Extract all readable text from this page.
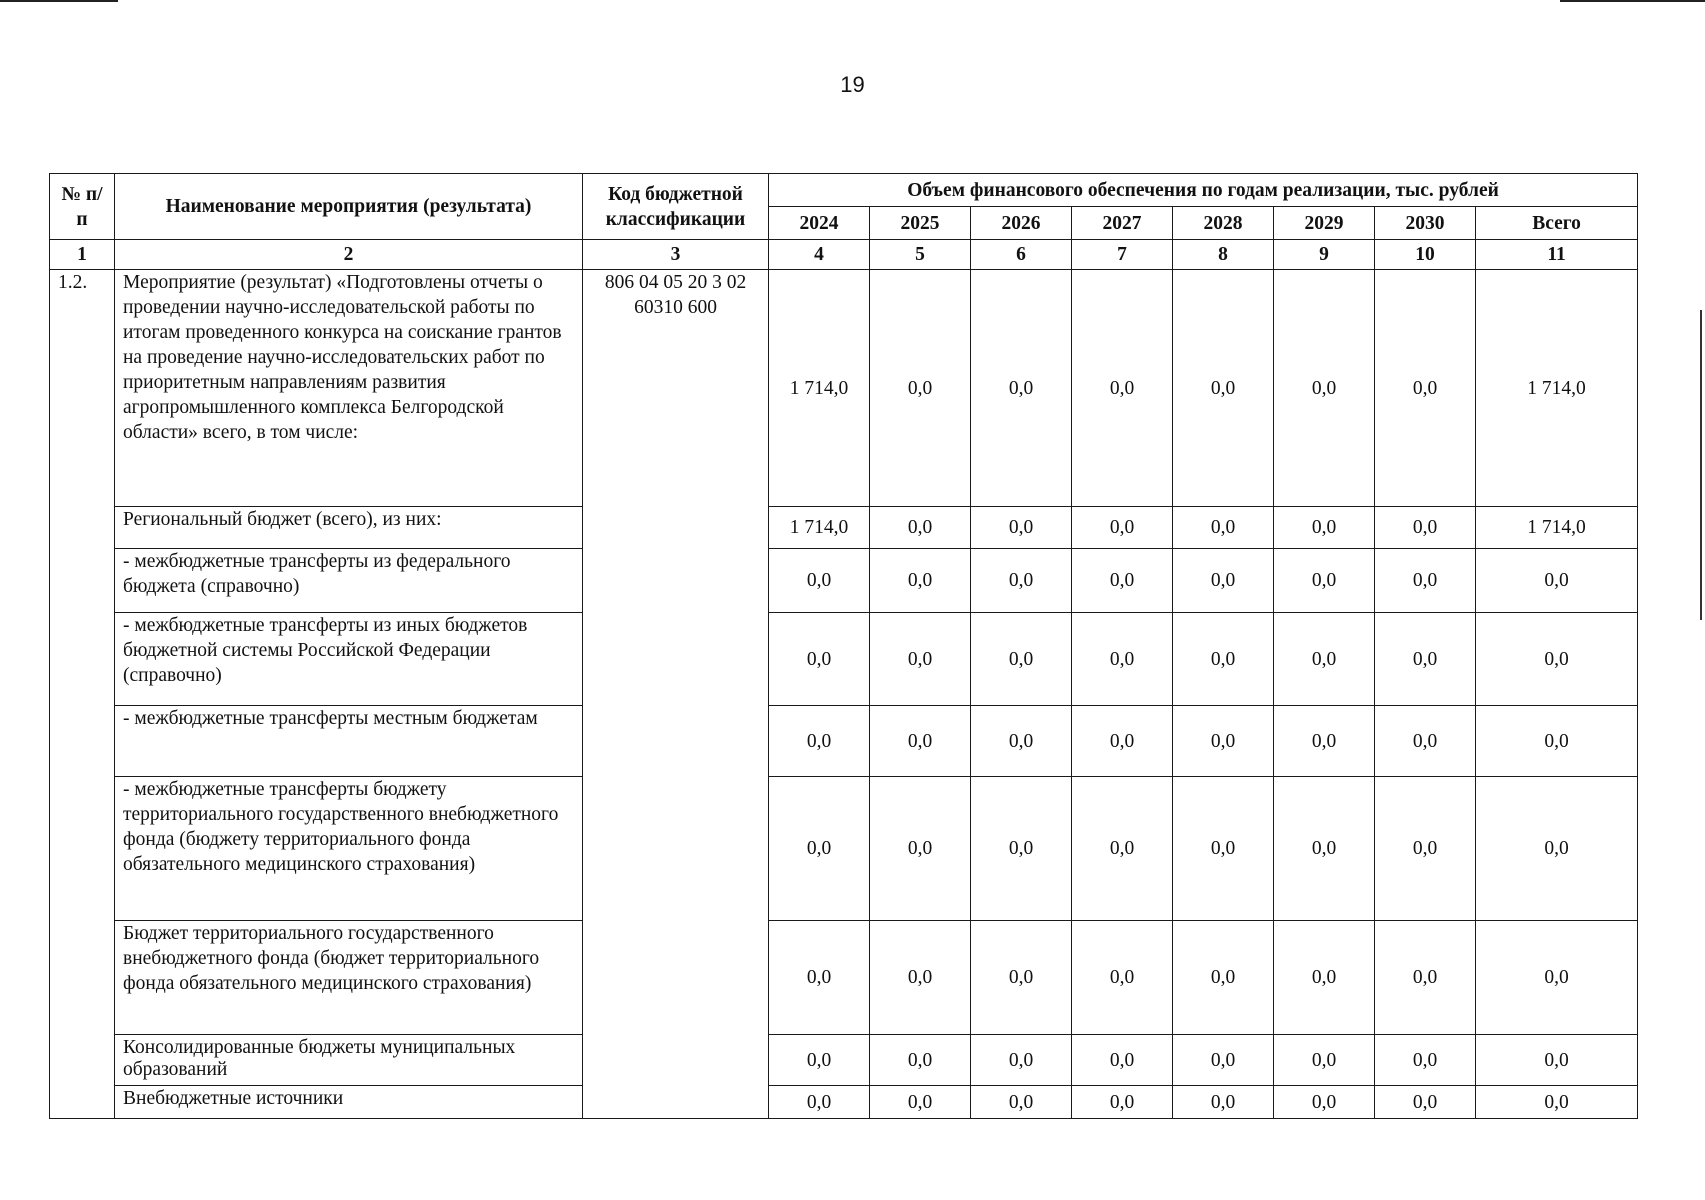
19
№ п/п	Наименование мероприятия (результата)	Код бюджетной классификации	Объем финансового обеспечения по годам реализации, тыс. рублей							
			2024	2025	2026	2027	2028	2029	2030	Всего
1	2	3	4	5	6	7	8	9	10	11
1.2.	Мероприятие (результат) «Подготовлены отчеты о проведении научно-исследовательской работы по итогам проведенного конкурса на соискание грантов на проведение научно-исследовательских работ по приоритетным направлениям развития агропромышленного комплекса Белгородской области» всего, в том числе:	806 04 05 20 3 02 60310 600	1 714,0	0,0	0,0	0,0	0,0	0,0	0,0	1 714,0
	Региональный бюджет (всего), из них:		1 714,0	0,0	0,0	0,0	0,0	0,0	0,0	1 714,0
	- межбюджетные трансферты из федерального бюджета (справочно)		0,0	0,0	0,0	0,0	0,0	0,0	0,0	0,0
	- межбюджетные трансферты из иных бюджетов бюджетной системы Российской Федерации (справочно)		0,0	0,0	0,0	0,0	0,0	0,0	0,0	0,0
	- межбюджетные трансферты местным бюджетам		0,0	0,0	0,0	0,0	0,0	0,0	0,0	0,0
	- межбюджетные трансферты бюджету территориального государственного внебюджетного фонда (бюджету территориального фонда обязательного медицинского страхования)		0,0	0,0	0,0	0,0	0,0	0,0	0,0	0,0
	Бюджет территориального государственного внебюджетного фонда (бюджет территориального фонда обязательного медицинского страхования)		0,0	0,0	0,0	0,0	0,0	0,0	0,0	0,0
	Консолидированные бюджеты муниципальных образований		0,0	0,0	0,0	0,0	0,0	0,0	0,0	0,0
	Внебюджетные источники		0,0	0,0	0,0	0,0	0,0	0,0	0,0	0,0
